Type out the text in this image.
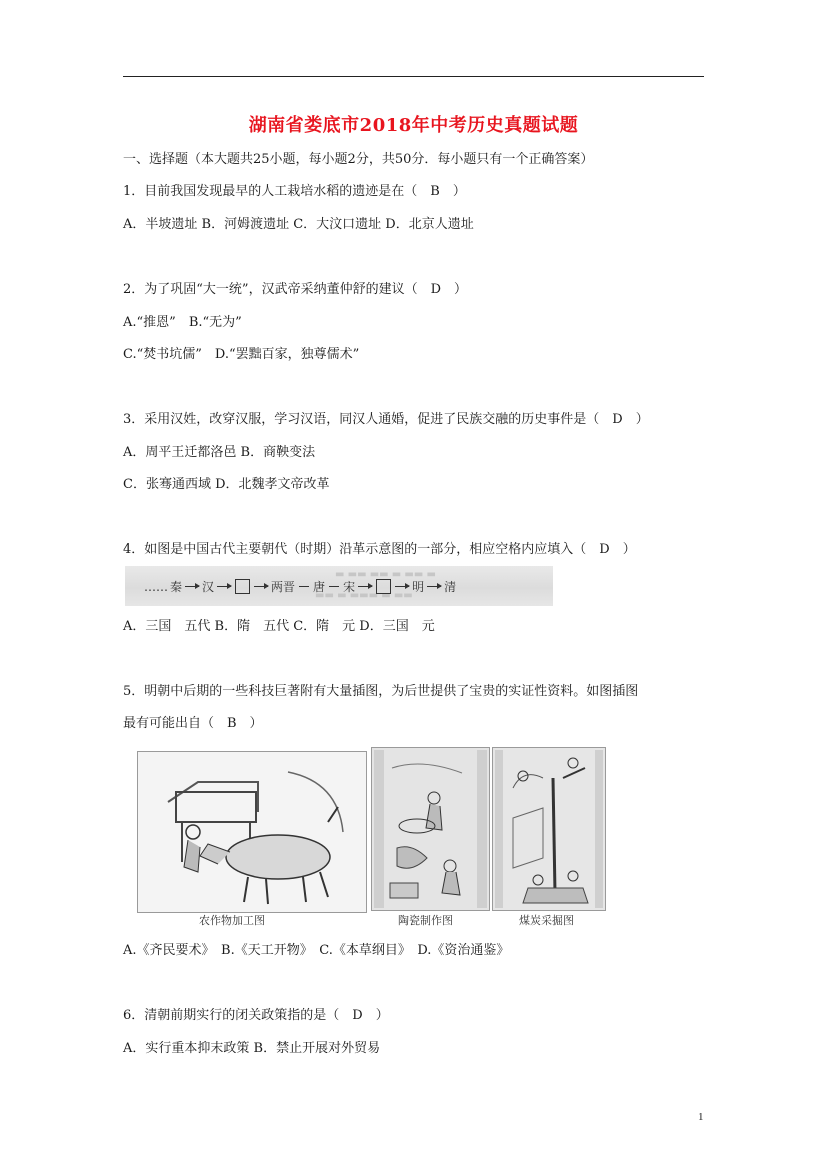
湖南省娄底市2018年中考历史真题试题
一、选择题（本大题共25小题，每小题2分，共50分．每小题只有一个正确答案）
1．目前我国发现最早的人工栽培水稻的遗迹是在（　B　）
A．半坡遗址 B．河姆渡遗址 C．大汶口遗址 D．北京人遗址
2．为了巩固“大一统”，汉武帝采纳董仲舒的建议（　D　）
A.“推恩”　B.“无为”
C.“焚书坑儒”　D.“罢黜百家，独尊儒术”
3．采用汉姓，改穿汉服，学习汉语，同汉人通婚，促进了民族交融的历史事件是（　D　）
A．周平王迁都洛邑 B．商鞅变法
C．张骞通西域 D．北魏孝文帝改革
4．如图是中国古代主要朝代（时期）沿革示意图的一部分，相应空格内应填入（　D　）
▬ ▬▬ ▬▬ ▬ ▬▬ ▬
▬▬ ▬ ▬▬▬ ▬ ▬▬
…… 秦 汉	两晋 唐 宋	明 清
A．三国　五代 B．隋　五代 C．隋　元 D．三国　元
5．明朝中后期的一些科技巨著附有大量插图，为后世提供了宝贵的实证性资料。如图插图
最有可能出自（　B　）
农作物加工图	陶瓷制作图	煤炭采掘图
A.《齐民要术》　B.《天工开物》　C.《本草纲目》　D.《资治通鉴》
6．清朝前期实行的闭关政策指的是（　D　）
A．实行重本抑末政策 B．禁止开展对外贸易
1
